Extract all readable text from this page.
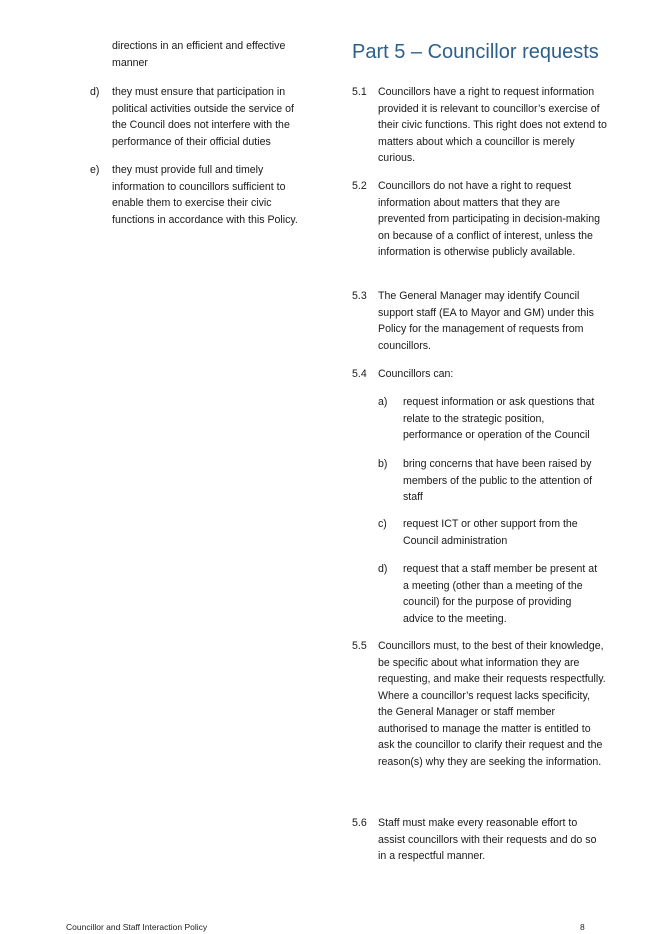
directions in an efficient and effective manner
d)	they must ensure that participation in political activities outside the service of the Council does not interfere with the performance of their official duties
e)	they must provide full and timely information to councillors sufficient to enable them to exercise their civic functions in accordance with this Policy.
Part 5 – Councillor requests
5.1	Councillors have a right to request information provided it is relevant to councillor’s exercise of their civic functions. This right does not extend to matters about which a councillor is merely curious.
5.2	Councillors do not have a right to request information about matters that they are prevented from participating in decision-making on because of a conflict of interest, unless the information is otherwise publicly available.
5.3	The General Manager may identify Council support staff (EA to Mayor and GM) under this Policy for the management of requests from councillors.
5.4	Councillors can:
a)	request information or ask questions that relate to the strategic position, performance or operation of the Council
b)	bring concerns that have been raised by members of the public to the attention of staff
c)	request ICT or other support from the Council administration
d)	request that a staff member be present at a meeting (other than a meeting of the council) for the purpose of providing advice to the meeting.
5.5	Councillors must, to the best of their knowledge, be specific about what information they are requesting, and make their requests respectfully. Where a councillor’s request lacks specificity, the General Manager or staff member authorised to manage the matter is entitled to ask the councillor to clarify their request and the reason(s) why they are seeking the information.
5.6	Staff must make every reasonable effort to assist councillors with their requests and do so in a respectful manner.
Councillor and Staff Interaction Policy	8
